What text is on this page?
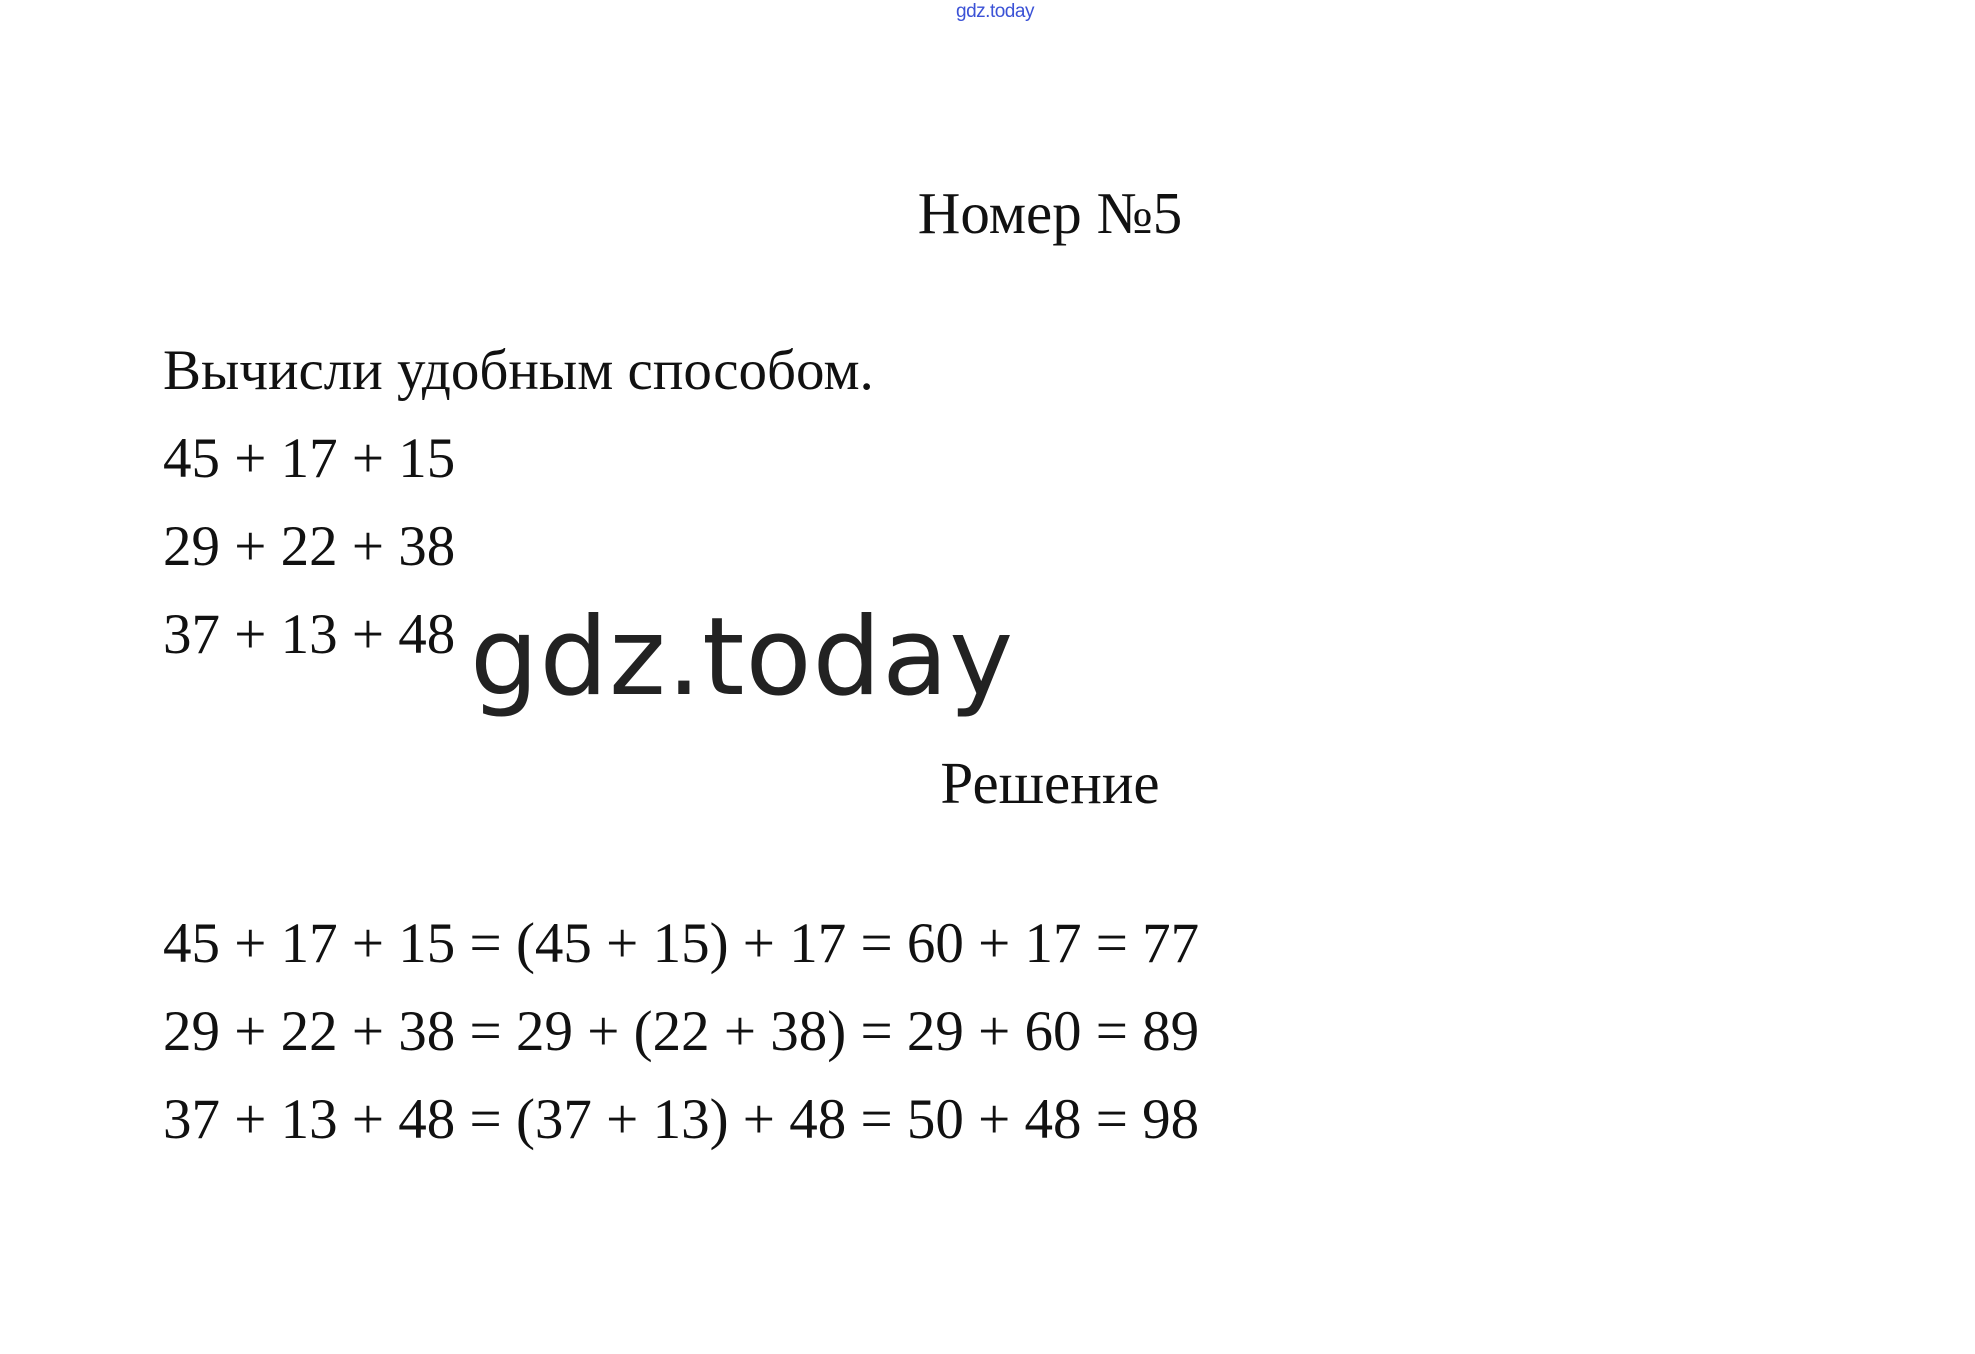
gdz.today
Номер №5
Вычисли удобным способом.
45 + 17 + 15
29 + 22 + 38
37 + 13 + 48 gdz.today
Решение
45 + 17 + 15 = (45 + 15) + 17 = 60 + 17 = 77
29 + 22 + 38 = 29 + (22 + 38) = 29 + 60 = 89
37 + 13 + 48 = (37 + 13) + 48 = 50 + 48 = 98
